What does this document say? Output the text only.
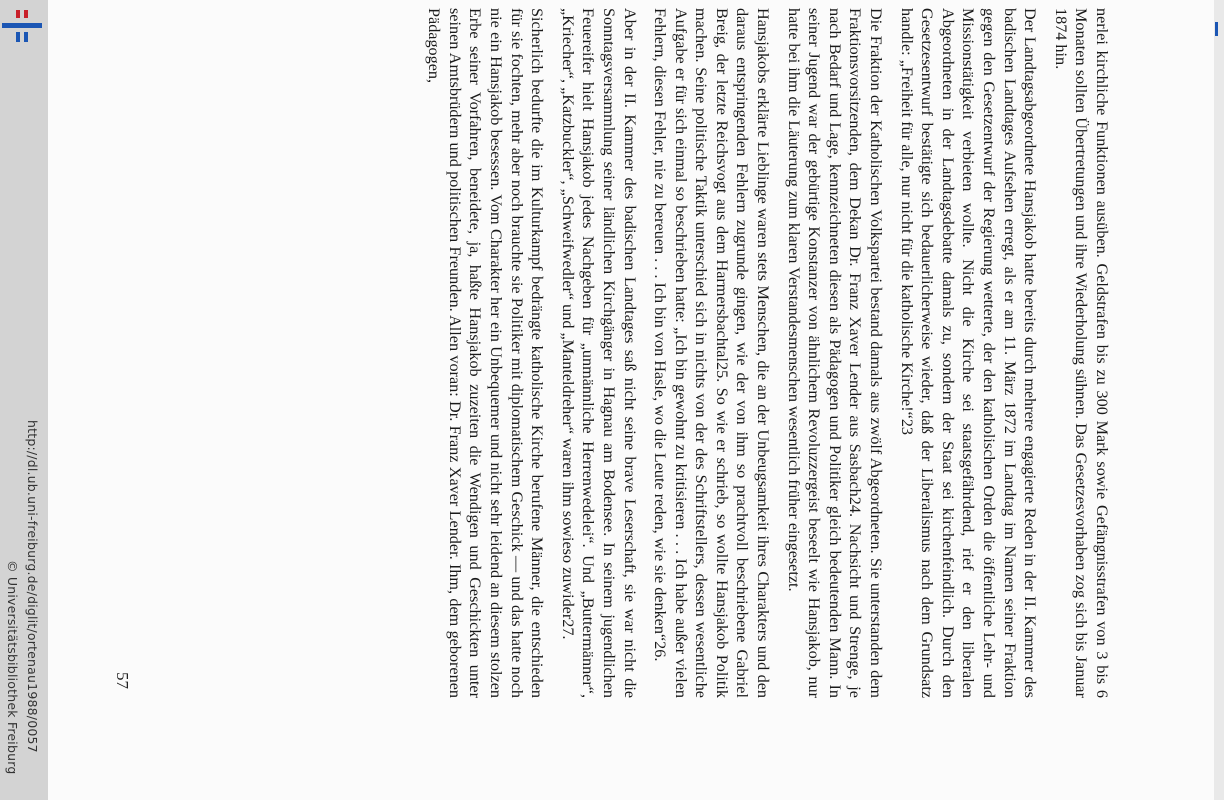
http://dl.ub.uni-freiburg.de/diglit/ortenau1988/0057
© Universitätsbibliothek Freiburg	nerlei kirchliche Funktionen ausüben. Geldstrafen bis zu 300 Mark sowie Gefängnisstrafen von 3 bis 6 Monaten sollten Übertretungen und ihre Wiederholung sühnen. Das Gesetzesvorhaben zog sich bis Januar 1874 hin.

Der Landtagsabgeordnete Hansjakob hatte bereits durch mehrere engagierte Reden in der II. Kammer des badischen Landtages Aufsehen erregt, als er am 11. März 1872 im Landtag im Namen seiner Fraktion gegen den Gesetzentwurf der Regierung wetterte, der den katholischen Orden die öffentliche Lehr- und Missionstätigkeit verbieten wollte. Nicht die Kirche sei staatsgefährdend, rief er den liberalen Abgeordneten in der Landtagsdebatte damals zu, sondern der Staat sei kirchenfeindlich. Durch den Gesetzesentwurf bestätigte sich bedauerlicherweise wieder, daß der Liberalismus nach dem Grundsatz handle: „Freiheit für alle, nur nicht für die katholische Kirche!“23

Die Fraktion der Katholischen Volkspartei bestand damals aus zwölf Abgeordneten. Sie unterstanden dem Fraktionsvorsitzenden, dem Dekan Dr. Franz Xaver Lender aus Sasbach24. Nachsicht und Strenge, je nach Bedarf und Lage, kennzeichneten diesen als Pädagogen und Politiker gleich bedeutenden Mann. In seiner Jugend war der gebürtige Konstanzer von ähnlichem Revoluzzergeist beseelt wie Hansjakob, nur hatte bei ihm die Läuterung zum klaren Verstandesmenschen wesentlich früher eingesetzt.

Hansjakobs erklärte Lieblinge waren stets Menschen, die an der Unbeugsamkeit ihres Charakters und den daraus entspringenden Fehlern zugrunde gingen, wie der von ihm so prachtvoll beschriebene Gabriel Breig, der letzte Reichsvogt aus dem Harmersbachtal25. So wie er schrieb, so wollte Hansjakob Politik machen. Seine politische Taktik unterschied sich in nichts von der des Schriftstellers, dessen wesentliche Aufgabe er für sich einmal so beschrieben hatte: „Ich bin gewohnt zu kritisieren . . . Ich habe außer vielen Fehlern, diesen Fehler, nie zu bereuen . . . Ich bin von Hasle, wo die Leute reden, wie sie denken“26.

Aber in der II. Kammer des badischen Landtages saß nicht seine brave Leserschaft, sie war nicht die Sonntagsversammlung seiner ländlichen Kirchgänger in Hagnau am Bodensee. In seinem jugendlichen Feuereifer hielt Hansjakob jedes Nachgeben für „unmännliche Herrenwedelei“. Und „Buttermänner“, „Kriecher“, „Katzbuckler“, „Schweifwedler“ und „Manteldreher“ waren ihm sowieso zuwider27.

Sicherlich bedurfte die im Kulturkampf bedrängte katholische Kirche berufene Männer, die entschieden für sie fochten, mehr aber noch brauchte sie Politiker mit diplomatischem Geschick — und das hatte noch nie ein Hansjakob besessen. Vom Charakter her ein Unbequemer und nicht sehr leidend an diesem stolzen Erbe seiner Vorfahren, beneidete, ja, haßte Hansjakob zuzeiten die Wendigen und Geschickten unter seinen Amtsbrüdern und politischen Freunden. Allen voran: Dr. Franz Xaver Lender. Ihm, dem geborenen Pädagogen,

57
